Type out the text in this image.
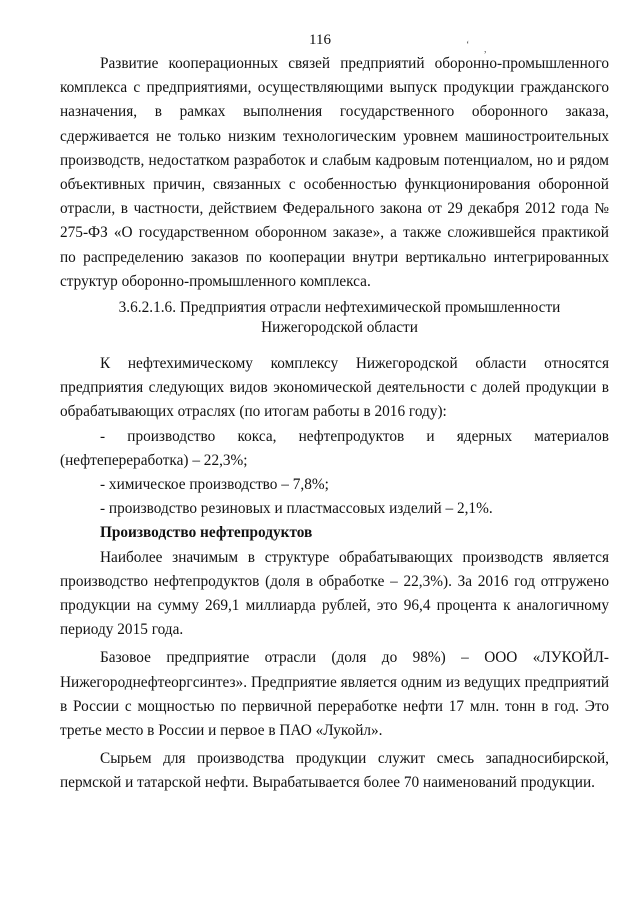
116	‘ ,

Развитие кооперационных связей предприятий оборонно-промышленного комплекса с предприятиями, осуществляющими выпуск продукции гражданского назначения, в рамках выполнения государственного оборонного заказа, сдерживается не только низким технологическим уровнем машиностроительных производств, недостатком разработок и слабым кадровым потенциалом, но и рядом объективных причин, связанных с особенностью функционирования оборонной отрасли, в частности, действием Федерального закона от 29 декабря 2012 года № 275-ФЗ «О государственном оборонном заказе», а также сложившейся практикой по распределению заказов по кооперации внутри вертикально интегрированных структур оборонно-промышленного комплекса.

3.6.2.1.6. Предприятия отрасли нефтехимической промышленности Нижегородской области

К нефтехимическому комплексу Нижегородской области относятся предприятия следующих видов экономической деятельности с долей продукции в обрабатывающих отраслях (по итогам работы в 2016 году):

- производство кокса, нефтепродуктов и ядерных материалов (нефтепереработка) – 22,3%;

- химическое производство – 7,8%;

- производство резиновых и пластмассовых изделий – 2,1%.

Производство нефтепродуктов

Наиболее значимым в структуре обрабатывающих производств является производство нефтепродуктов (доля в обработке – 22,3%). За 2016 год отгружено продукции на сумму 269,1 миллиарда рублей, это 96,4 процента к аналогичному периоду 2015 года.

Базовое предприятие отрасли (доля до 98%) – ООО «ЛУКОЙЛ-Нижегороднефтеоргсинтез». Предприятие является одним из ведущих предприятий в России с мощностью по первичной переработке нефти 17 млн. тонн в год. Это третье место в России и первое в ПАО «Лукойл».

Сырьем для производства продукции служит смесь западносибирской, пермской и татарской нефти. Вырабатывается более 70 наименований продукции.
